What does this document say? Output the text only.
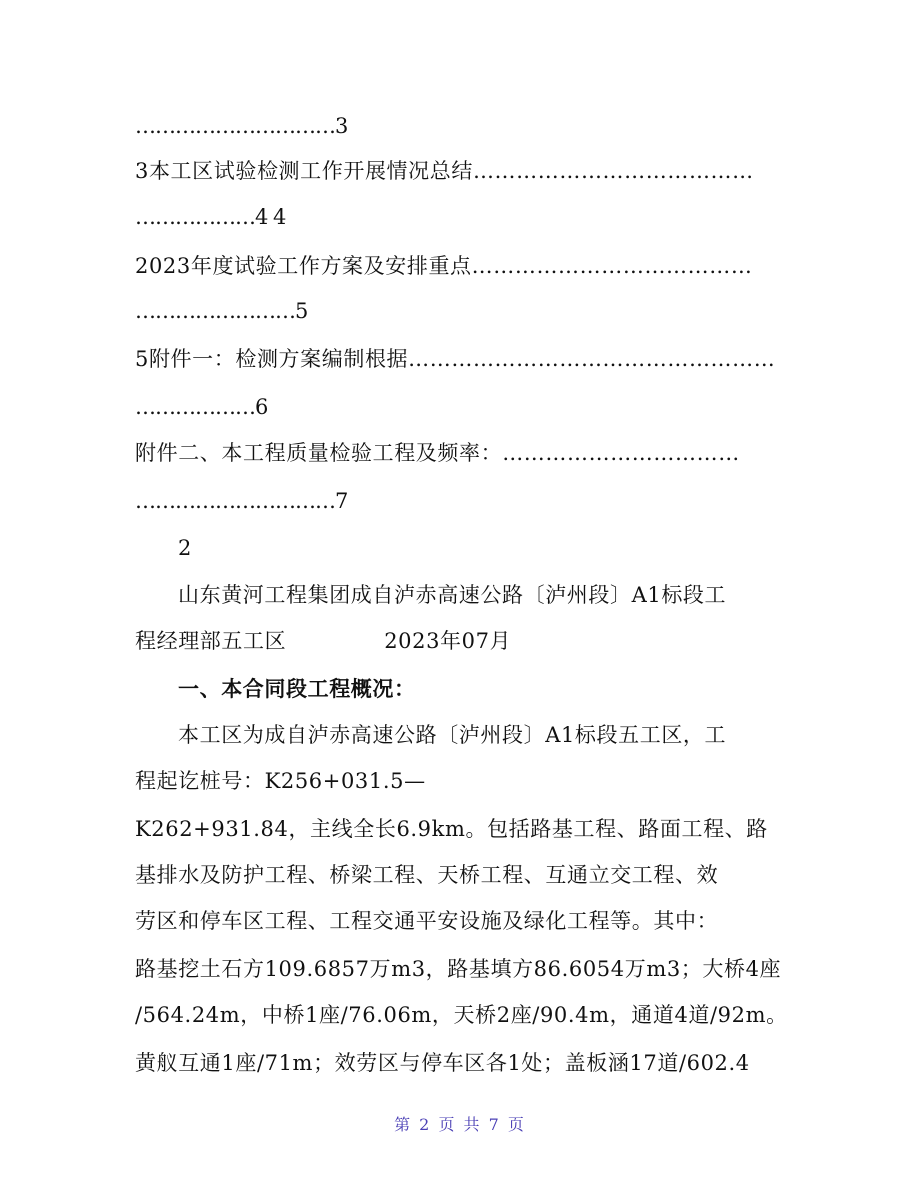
…………………………3
3本工区试验检测工作开展情况总结…………………………………
………………4 4
2023年度试验工作方案及安排重点…………………………………
……………………5
5附件一：检测方案编制根据……………………………………………
………………6
附件二、本工程质量检验工程及频率：……………………………
…………………………7
2
山东黄河工程集团成自泸赤高速公路〔泸州段〕A1标段工
程经理部五工区	2023年07月
一、本合同段工程概况：
本工区为成自泸赤高速公路〔泸州段〕A1标段五工区，工
程起讫桩号：K256+031.5—
K262+931.84，主线全长6.9km。包括路基工程、路面工程、路
基排水及防护工程、桥梁工程、天桥工程、互通立交工程、效
劳区和停车区工程、工程交通平安设施及绿化工程等。其中：
路基挖土石方109.6857万m3，路基填方86.6054万m3；大桥4座
/564.24m，中桥1座/76.06m，天桥2座/90.4m，通道4道/92m。
黄舣互通1座/71m；效劳区与停车区各1处；盖板涵17道/602.4
第 2 页 共 7 页
